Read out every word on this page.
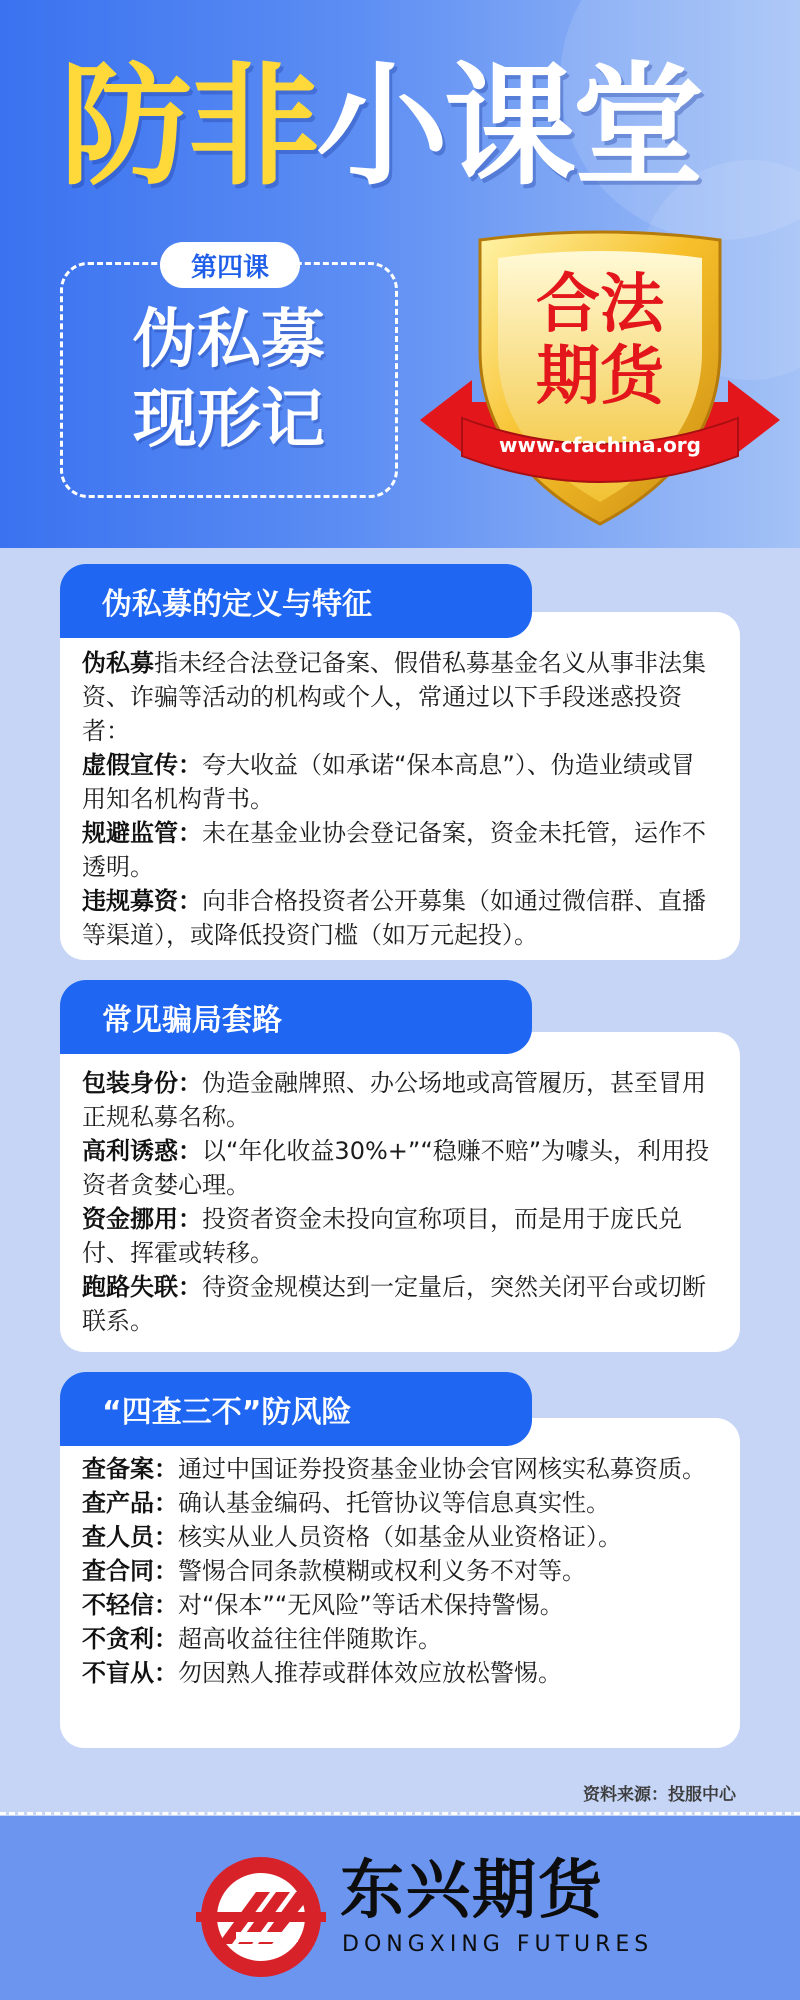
防非小课堂
第四课
伪私募
现形记
合法
期货
www.cfachina.org
伪私募指未经合法登记备案、假借私募基金名义从事非法集资、诈骗等活动的机构或个人，常通过以下手段迷惑投资者：
虚假宣传：夸大收益（如承诺“保本高息”）、伪造业绩或冒用知名机构背书。
规避监管：未在基金业协会登记备案，资金未托管，运作不透明。
违规募资：向非合格投资者公开募集（如通过微信群、直播等渠道），或降低投资门槛（如万元起投）。
伪私募的定义与特征
包装身份：伪造金融牌照、办公场地或高管履历，甚至冒用正规私募名称。
高利诱惑：以“年化收益30%+”“稳赚不赔”为噱头，利用投资者贪婪心理。
资金挪用：投资者资金未投向宣称项目，而是用于庞氏兑付、挥霍或转移。
跑路失联：待资金规模达到一定量后，突然关闭平台或切断联系。
常见骗局套路
查备案：通过中国证券投资基金业协会官网核实私募资质。
查产品：确认基金编码、托管协议等信息真实性。
查人员：核实从业人员资格（如基金从业资格证）。
查合同：警惕合同条款模糊或权利义务不对等。
不轻信：对“保本”“无风险”等话术保持警惕。
不贪利：超高收益往往伴随欺诈。
不盲从：勿因熟人推荐或群体效应放松警惕。
“四查三不”防风险
资料来源：投服中心
东兴期货
DONGXING FUTURES
